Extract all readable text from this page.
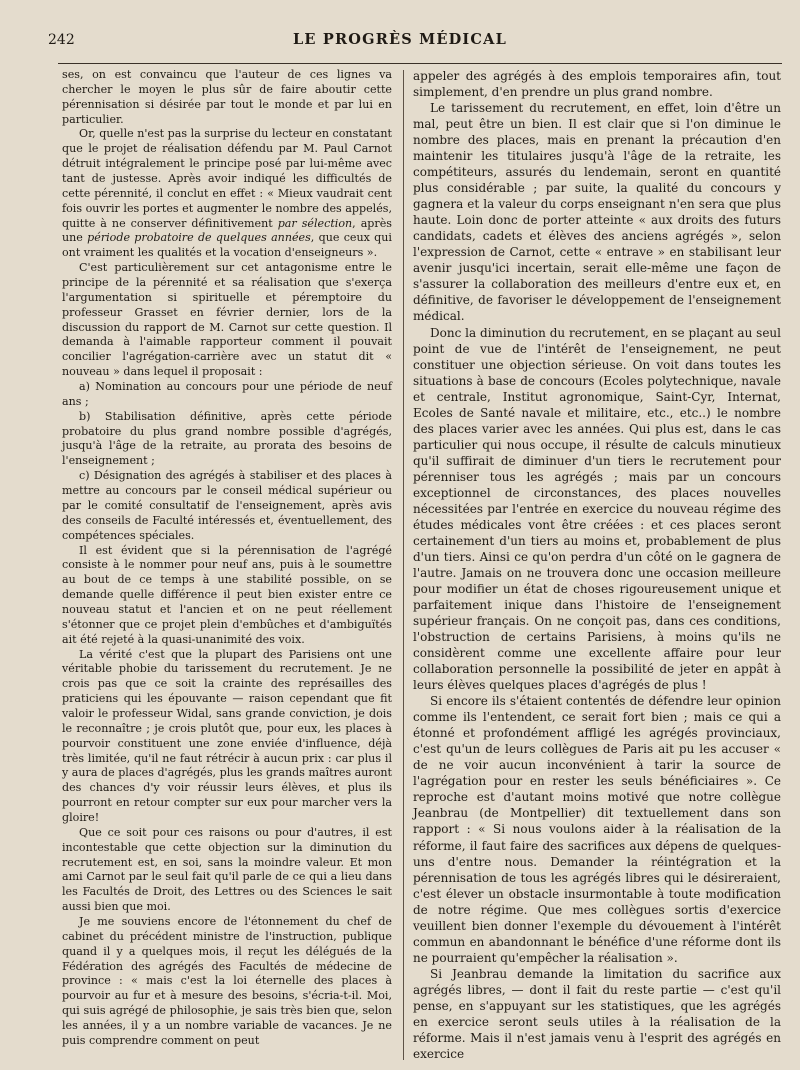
242	LE PROGRÈS MÉDICAL

ses, on est convaincu que l'auteur de ces lignes va chercher le moyen le plus sûr de faire aboutir cette pérennisation si désirée par tout le monde et par lui en particulier.

Or, quelle n'est pas la surprise du lecteur en constatant que le projet de réalisation défendu par M. Paul Carnot détruit intégralement le principe posé par lui-même avec tant de justesse. Après avoir indiqué les difficultés de cette pérennité, il conclut en effet : « Mieux vaudrait cent fois ouvrir les portes et augmenter le nombre des appelés, quitte à ne conserver définitivement par sélection, après une période probatoire de quelques années, que ceux qui ont vraiment les qualités et la vocation d'enseigneurs ».

C'est particulièrement sur cet antagonisme entre le principe de la pérennité et sa réalisation que s'exerça l'argumentation si spirituelle et péremptoire du professeur Grasset en février dernier, lors de la discussion du rapport de M. Carnot sur cette question. Il demanda à l'aimable rapporteur comment il pouvait concilier l'agrégation-carrière avec un statut dit « nouveau » dans lequel il proposait :

a) Nomination au concours pour une période de neuf ans ;

b) Stabilisation définitive, après cette période probatoire du plus grand nombre possible d'agrégés, jusqu'à l'âge de la retraite, au prorata des besoins de l'enseignement ;

c) Désignation des agrégés à stabiliser et des places à mettre au concours par le conseil médical supérieur ou par le comité consultatif de l'enseignement, après avis des conseils de Faculté intéressés et, éventuellement, des compétences spéciales.

Il est évident que si la pérennisation de l'agrégé consiste à le nommer pour neuf ans, puis à le soumettre au bout de ce temps à une stabilité possible, on se demande quelle différence il peut bien exister entre ce nouveau statut et l'ancien et on ne peut réellement s'étonner que ce projet plein d'embûches et d'ambiguïtés ait été rejeté à la quasi-unanimité des voix.

La vérité c'est que la plupart des Parisiens ont une véritable phobie du tarissement du recrutement. Je ne crois pas que ce soit la crainte des représailles des praticiens qui les épouvante — raison cependant que fit valoir le professeur Widal, sans grande conviction, je dois le reconnaître ; je crois plutôt que, pour eux, les places à pourvoir constituent une zone enviée d'influence, déjà très limitée, qu'il ne faut rétrécir à aucun prix : car plus il y aura de places d'agrégés, plus les grands maîtres auront des chances d'y voir réussir leurs élèves, et plus ils pourront en retour compter sur eux pour marcher vers la gloire!

Que ce soit pour ces raisons ou pour d'autres, il est incontestable que cette objection sur la diminution du recrutement est, en soi, sans la moindre valeur. Et mon ami Carnot par le seul fait qu'il parle de ce qui a lieu dans les Facultés de Droit, des Lettres ou des Sciences le sait aussi bien que moi.

Je me souviens encore de l'étonnement du chef de cabinet du précédent ministre de l'instruction, publique quand il y a quelques mois, il reçut les délégués de la Fédération des agrégés des Facultés de médecine de province : « mais c'est la loi éternelle des places à pourvoir au fur et à mesure des besoins, s'écria-t-il. Moi, qui suis agrégé de philosophie, je sais très bien que, selon les années, il y a un nombre variable de vacances. Je ne puis comprendre comment on peut

appeler des agrégés à des emplois temporaires afin, tout simplement, d'en prendre un plus grand nombre.

Le tarissement du recrutement, en effet, loin d'être un mal, peut être un bien. Il est clair que si l'on diminue le nombre des places, mais en prenant la précaution d'en maintenir les titulaires jusqu'à l'âge de la retraite, les compétiteurs, assurés du lendemain, seront en quantité plus considérable ; par suite, la qualité du concours y gagnera et la valeur du corps enseignant n'en sera que plus haute. Loin donc de porter atteinte « aux droits des futurs candidats, cadets et élèves des anciens agrégés », selon l'expression de Carnot, cette « entrave » en stabilisant leur avenir jusqu'ici incertain, serait elle-même une façon de s'assurer la collaboration des meilleurs d'entre eux et, en définitive, de favoriser le développement de l'enseignement médical.

Donc la diminution du recrutement, en se plaçant au seul point de vue de l'intérêt de l'enseignement, ne peut constituer une objection sérieuse. On voit dans toutes les situations à base de concours (Ecoles polytechnique, navale et centrale, Institut agronomique, Saint-Cyr, Internat, Ecoles de Santé navale et militaire, etc., etc..) le nombre des places varier avec les années. Qui plus est, dans le cas particulier qui nous occupe, il résulte de calculs minutieux qu'il suffirait de diminuer d'un tiers le recrutement pour pérenniser tous les agrégés ; mais par un concours exceptionnel de circonstances, des places nouvelles nécessitées par l'entrée en exercice du nouveau régime des études médicales vont être créées : et ces places seront certainement d'un tiers au moins et, probablement de plus d'un tiers. Ainsi ce qu'on perdra d'un côté on le gagnera de l'autre. Jamais on ne trouvera donc une occasion meilleure pour modifier un état de choses rigoureusement unique et parfaitement inique dans l'histoire de l'enseignement supérieur français. On ne conçoit pas, dans ces conditions, l'obstruction de certains Parisiens, à moins qu'ils ne considèrent comme une excellente affaire pour leur collaboration personnelle la possibilité de jeter en appât à leurs élèves quelques places d'agrégés de plus !

Si encore ils s'étaient contentés de défendre leur opinion comme ils l'entendent, ce serait fort bien ; mais ce qui a étonné et profondément affligé les agrégés provinciaux, c'est qu'un de leurs collègues de Paris ait pu les accuser « de ne voir aucun inconvénient à tarir la source de l'agrégation pour en rester les seuls bénéficiaires ». Ce reproche est d'autant moins motivé que notre collègue Jeanbrau (de Montpellier) dit textuellement dans son rapport : « Si nous voulons aider à la réalisation de la réforme, il faut faire des sacrifices aux dépens de quelques-uns d'entre nous. Demander la réintégration et la pérennisation de tous les agrégés libres qui le désireraient, c'est élever un obstacle insurmontable à toute modification de notre régime. Que mes collègues sortis d'exercice veuillent bien donner l'exemple du dévouement à l'intérêt commun en abandonnant le bénéfice d'une réforme dont ils ne pourraient qu'empêcher la réalisation ».

Si Jeanbrau demande la limitation du sacrifice aux agrégés libres, — dont il fait du reste partie — c'est qu'il pense, en s'appuyant sur les statistiques, que les agrégés en exercice seront seuls utiles à la réalisation de la réforme. Mais il n'est jamais venu à l'esprit des agrégés en exercice
